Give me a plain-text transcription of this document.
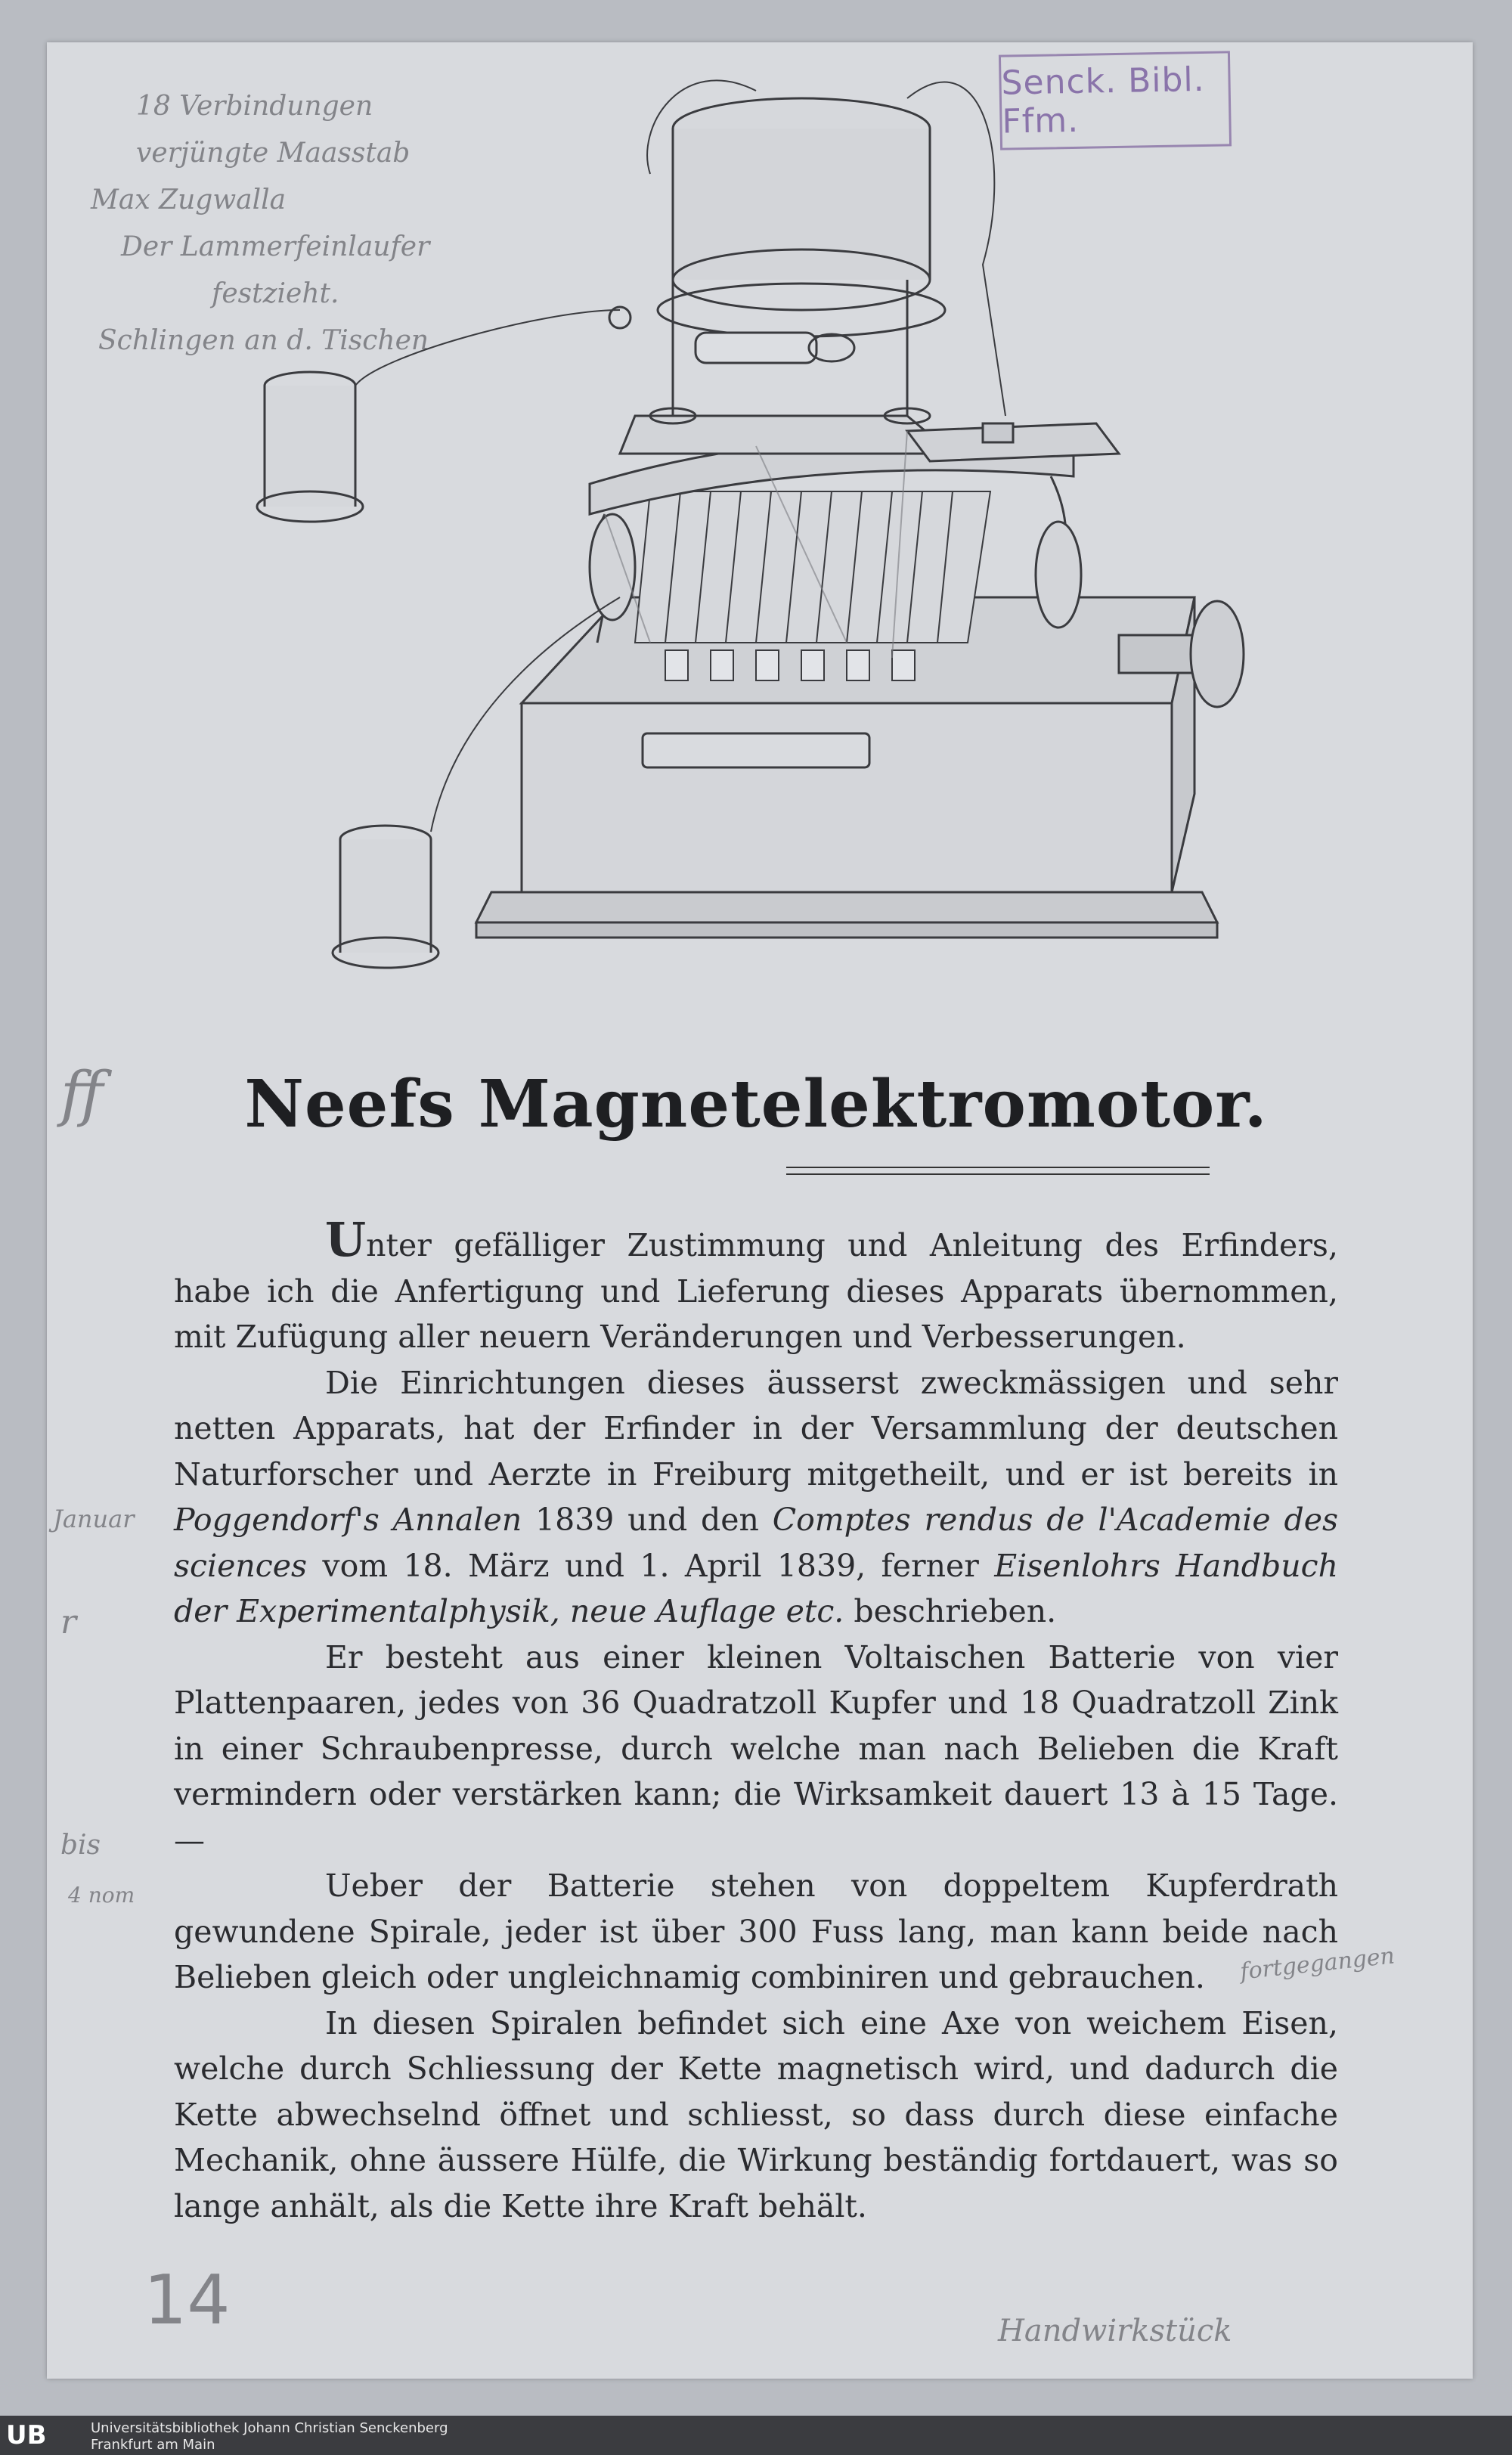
Senck. Bibl. Ffm.
18 Verbindungen
verjüngte Maasstab
Max Zugwalla
Der Lammerfeinlaufer
festzieht.
Schlingen an d. Tischen
ff
Januar
r
bis
4 nom
fortgegangen
14	Handwirkstück
Neefs Magnetelektromotor.

Unter gefälliger Zustimmung und Anleitung des Erfinders, habe ich die Anfertigung und Lieferung dieses Apparats übernommen, mit Zufügung aller neuern Veränderungen und Verbesserungen.

Die Einrichtungen dieses äusserst zweckmässigen und sehr netten Apparats, hat der Erfinder in der Versammlung der deutschen Naturforscher und Aerzte in Freiburg mitgetheilt, und er ist bereits in Poggendorf's Annalen 1839 und den Comptes rendus de l'Academie des sciences vom 18. März und 1. April 1839, ferner Eisenlohrs Handbuch der Experimentalphysik, neue Auflage etc. beschrieben.

Er besteht aus einer kleinen Voltaischen Batterie von vier Plattenpaaren, jedes von 36 Quadratzoll Kupfer und 18 Quadratzoll Zink in einer Schraubenpresse, durch welche man nach Belieben die Kraft vermindern oder verstärken kann; die Wirksamkeit dauert 13 à 15 Tage. —

Ueber der Batterie stehen von doppeltem Kupferdrath gewundene Spirale, jeder ist über 300 Fuss lang, man kann beide nach Belieben gleich oder ungleichnamig combiniren und gebrauchen.

In diesen Spiralen befindet sich eine Axe von weichem Eisen, welche durch Schliessung der Kette magnetisch wird, und dadurch die Kette abwechselnd öffnet und schliesst, so dass durch diese einfache Mechanik, ohne äussere Hülfe, die Wirkung beständig fortdauert, was so lange anhält, als die Kette ihre Kraft behält.

UB	Universitätsbibliothek Johann Christian Senckenberg
Frankfurt am Main
